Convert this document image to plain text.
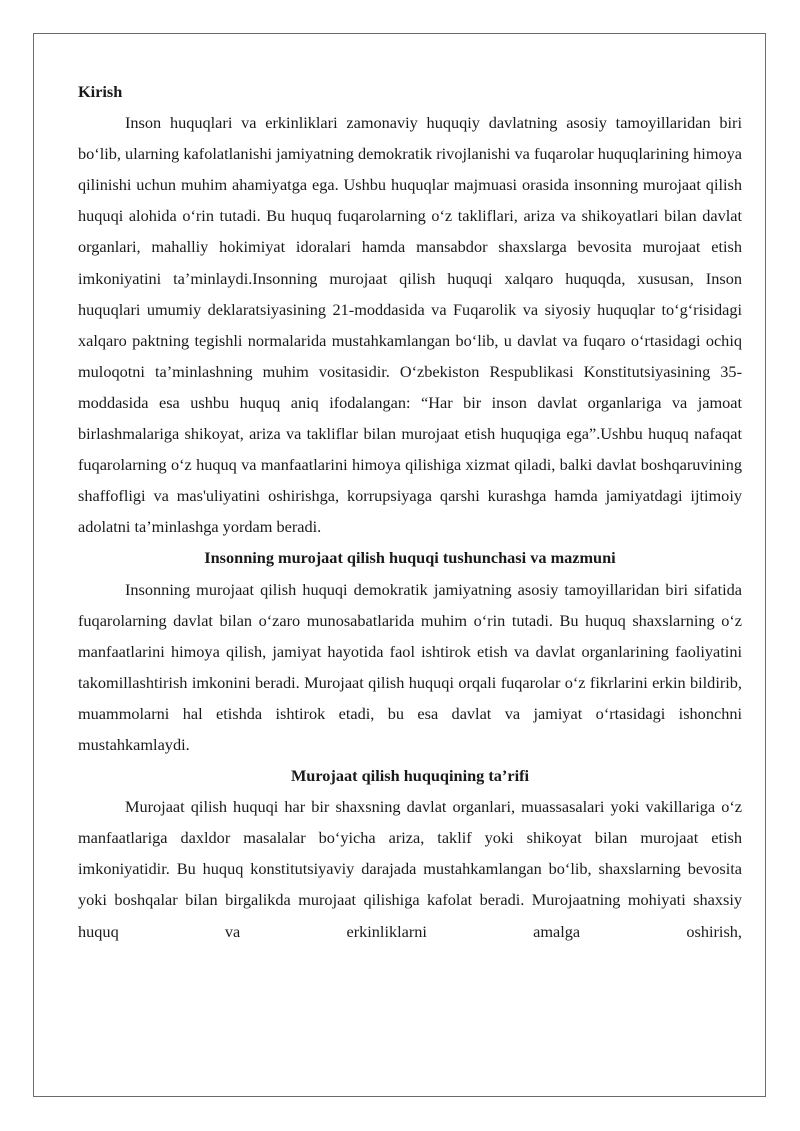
Kirish

Inson huquqlari va erkinliklari zamonaviy huquqiy davlatning asosiy tamoyillaridan biri bo‘lib, ularning kafolatlanishi jamiyatning demokratik rivojlanishi va fuqarolar huquqlarining himoya qilinishi uchun muhim ahamiyatga ega. Ushbu huquqlar majmuasi orasida insonning murojaat qilish huquqi alohida o‘rin tutadi. Bu huquq fuqarolarning o‘z takliflari, ariza va shikoyatlari bilan davlat organlari, mahalliy hokimiyat idoralari hamda mansabdor shaxslarga bevosita murojaat etish imkoniyatini ta’minlaydi.Insonning murojaat qilish huquqi xalqaro huquqda, xususan, Inson huquqlari umumiy deklaratsiyasining 21-moddasida va Fuqarolik va siyosiy huquqlar to‘g‘risidagi xalqaro paktning tegishli normalarida mustahkamlangan bo‘lib, u davlat va fuqaro o‘rtasidagi ochiq muloqotni ta’minlashning muhim vositasidir. O‘zbekiston Respublikasi Konstitutsiyasining 35-moddasida esa ushbu huquq aniq ifodalangan: “Har bir inson davlat organlariga va jamoat birlashmalariga shikoyat, ariza va takliflar bilan murojaat etish huquqiga ega”.Ushbu huquq nafaqat fuqarolarning o‘z huquq va manfaatlarini himoya qilishiga xizmat qiladi, balki davlat boshqaruvining shaffofligi va mas'uliyatini oshirishga, korrupsiyaga qarshi kurashga hamda jamiyatdagi ijtimoiy adolatni ta’minlashga yordam beradi.

Insonning murojaat qilish huquqi tushunchasi va mazmuni

Insonning murojaat qilish huquqi demokratik jamiyatning asosiy tamoyillaridan biri sifatida fuqarolarning davlat bilan o‘zaro munosabatlarida muhim o‘rin tutadi. Bu huquq shaxslarning o‘z manfaatlarini himoya qilish, jamiyat hayotida faol ishtirok etish va davlat organlarining faoliyatini takomillashtirish imkonini beradi. Murojaat qilish huquqi orqali fuqarolar o‘z fikrlarini erkin bildirib, muammolarni hal etishda ishtirok etadi, bu esa davlat va jamiyat o‘rtasidagi ishonchni mustahkamlaydi.

Murojaat qilish huquqining ta’rifi

Murojaat qilish huquqi har bir shaxsning davlat organlari, muassasalari yoki vakillariga o‘z manfaatlariga daxldor masalalar bo‘yicha ariza, taklif yoki shikoyat bilan murojaat etish imkoniyatidir. Bu huquq konstitutsiyaviy darajada mustahkamlangan bo‘lib, shaxslarning bevosita yoki boshqalar bilan birgalikda murojaat qilishiga kafolat beradi. Murojaatning mohiyati shaxsiy huquq va erkinliklarni amalga oshirish,
